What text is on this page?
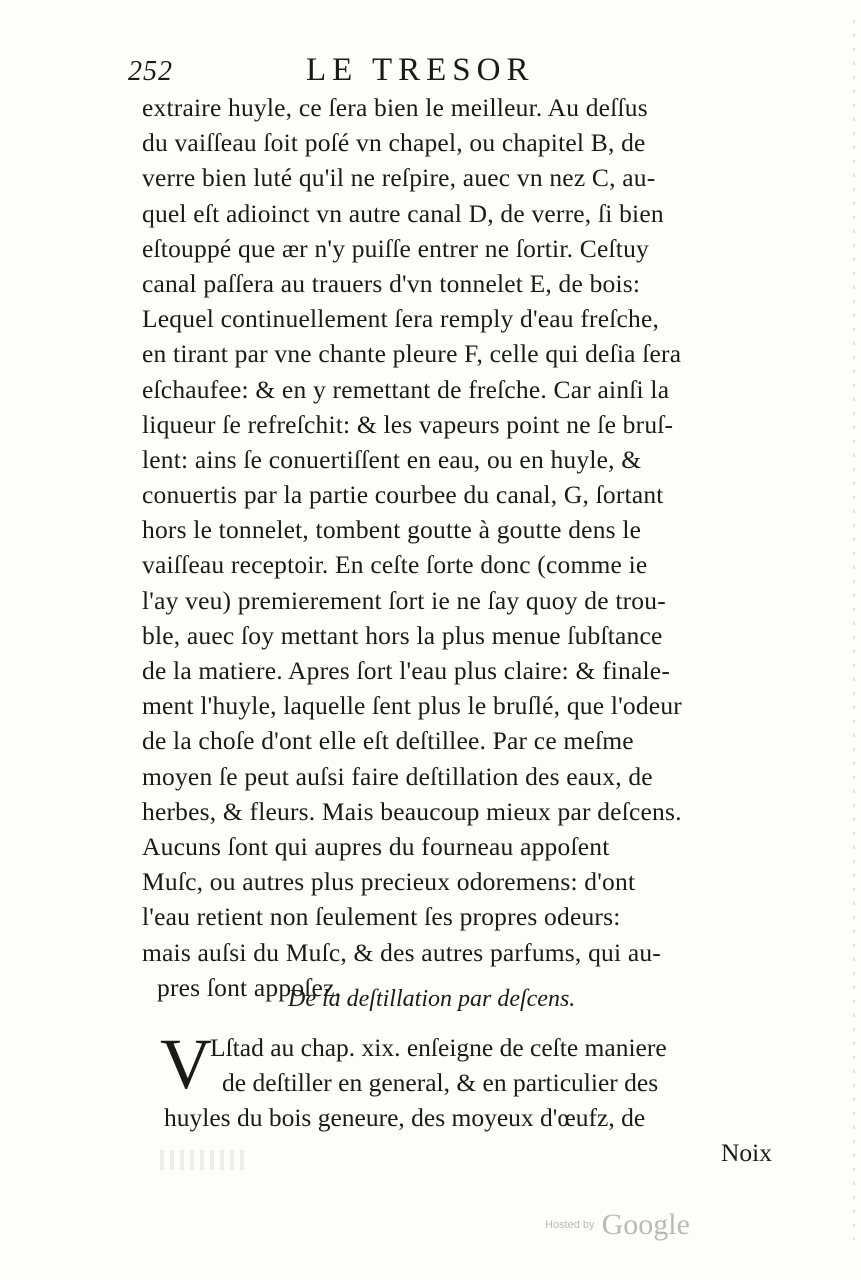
252	LE TRESOR
extraire huyle, ce ſera bien le meilleur. Au deſſus
du vaiſſeau ſoit poſé vn chapel, ou chapitel B, de
verre bien luté qu'il ne reſpire, auec vn nez C, au-
quel eſt adioinct vn autre canal D, de verre, ſi bien
eſtouppé que ær n'y puiſſe entrer ne ſortir. Ceſtuy
canal paſſera au trauers d'vn tonnelet E, de bois:
Lequel continuellement ſera remply d'eau freſche,
en tirant par vne chante pleure F, celle qui deſia ſera
eſchaufee: & en y remettant de freſche. Car ainſi la
liqueur ſe refreſchit: & les vapeurs point ne ſe bruſ-
lent: ains ſe conuertiſſent en eau, ou en huyle, &
conuertis par la partie courbee du canal, G, ſortant
hors le tonnelet, tombent goutte à goutte dens le
vaiſſeau receptoir. En ceſte ſorte donc (comme ie
l'ay veu) premierement ſort ie ne ſay quoy de trou-
ble, auec ſoy mettant hors la plus menue ſubſtance
de la matiere. Apres ſort l'eau plus claire: & finale-
ment l'huyle, laquelle ſent plus le bruſlé, que l'odeur
de la choſe d'ont elle eſt deſtillee. Par ce meſme
moyen ſe peut auſsi faire deſtillation des eaux, de
herbes, & fleurs. Mais beaucoup mieux par deſcens.
Aucuns ſont qui aupres du fourneau appoſent
Muſc, ou autres plus precieux odoremens: d'ont
l'eau retient non ſeulement ſes propres odeurs:
mais auſsi du Muſc, & des autres parfums, qui au-
pres ſont appoſez.
De la deſtillation par deſcens.
V
Lſtad au chap. xix. enſeigne de ceſte maniere
de deſtiller en general, & en particulier des
huyles du bois geneure, des moyeux d'œufz, de
Noix
Hosted by Google
